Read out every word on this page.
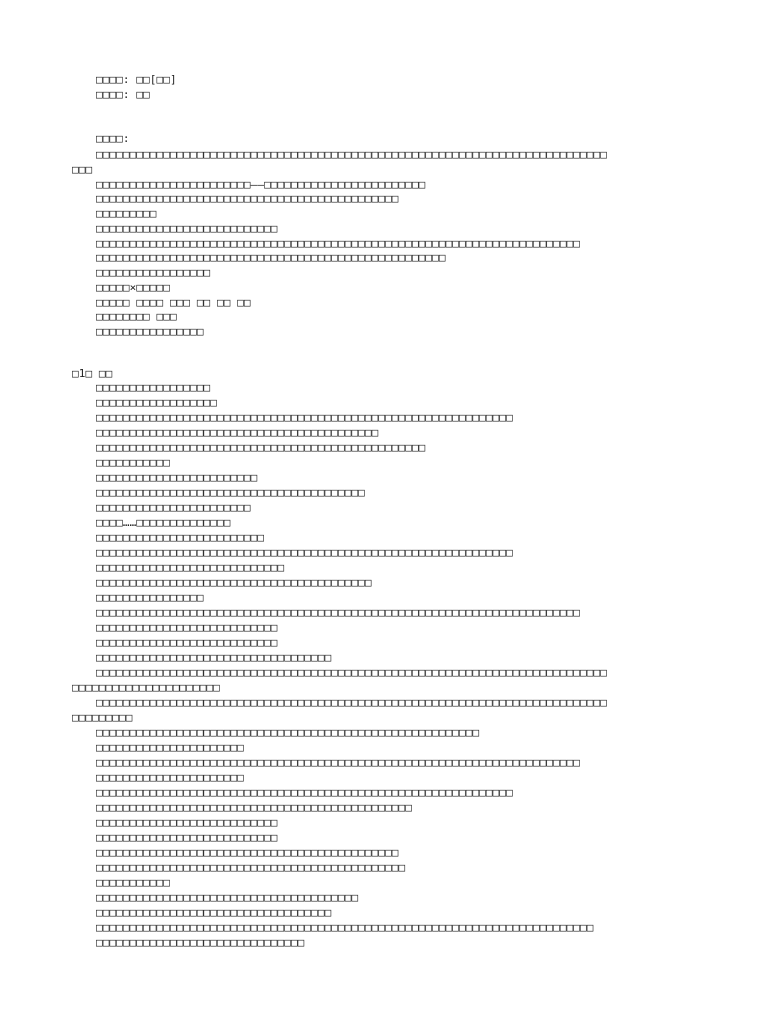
□□□□: □□[□□]
□□□□: □□
□□□□:
□□□□□□□□□□□□□□□□□□□□□□□□□□□□□□□□□□□□□□□□□□□□□□□□□□□□□□□□□□□□□□□□□□□□□□□□□□□□
□□□
□□□□□□□□□□□□□□□□□□□□□□□——□□□□□□□□□□□□□□□□□□□□□□□□
□□□□□□□□□□□□□□□□□□□□□□□□□□□□□□□□□□□□□□□□□□□□□
□□□□□□□□□
□□□□□□□□□□□□□□□□□□□□□□□□□□□
□□□□□□□□□□□□□□□□□□□□□□□□□□□□□□□□□□□□□□□□□□□□□□□□□□□□□□□□□□□□□□□□□□□□□□□□
□□□□□□□□□□□□□□□□□□□□□□□□□□□□□□□□□□□□□□□□□□□□□□□□□□□□
□□□□□□□□□□□□□□□□□
□□□□□×□□□□□
□□□□□ □□□□ □□□ □□ □□ □□
□□□□□□□□ □□□
□□□□□□□□□□□□□□□□
□1□ □□
□□□□□□□□□□□□□□□□□
□□□□□□□□□□□□□□□□□□
□□□□□□□□□□□□□□□□□□□□□□□□□□□□□□□□□□□□□□□□□□□□□□□□□□□□□□□□□□□□□□
□□□□□□□□□□□□□□□□□□□□□□□□□□□□□□□□□□□□□□□□□□
□□□□□□□□□□□□□□□□□□□□□□□□□□□□□□□□□□□□□□□□□□□□□□□□□
□□□□□□□□□□□
□□□□□□□□□□□□□□□□□□□□□□□□
□□□□□□□□□□□□□□□□□□□□□□□□□□□□□□□□□□□□□□□□
□□□□□□□□□□□□□□□□□□□□□□□
□□□□……□□□□□□□□□□□□□□
□□□□□□□□□□□□□□□□□□□□□□□□□
□□□□□□□□□□□□□□□□□□□□□□□□□□□□□□□□□□□□□□□□□□□□□□□□□□□□□□□□□□□□□□
□□□□□□□□□□□□□□□□□□□□□□□□□□□□
□□□□□□□□□□□□□□□□□□□□□□□□□□□□□□□□□□□□□□□□□
□□□□□□□□□□□□□□□□
□□□□□□□□□□□□□□□□□□□□□□□□□□□□□□□□□□□□□□□□□□□□□□□□□□□□□□□□□□□□□□□□□□□□□□□□
□□□□□□□□□□□□□□□□□□□□□□□□□□□
□□□□□□□□□□□□□□□□□□□□□□□□□□□
□□□□□□□□□□□□□□□□□□□□□□□□□□□□□□□□□□□
□□□□□□□□□□□□□□□□□□□□□□□□□□□□□□□□□□□□□□□□□□□□□□□□□□□□□□□□□□□□□□□□□□□□□□□□□□□□
□□□□□□□□□□□□□□□□□□□□□□
□□□□□□□□□□□□□□□□□□□□□□□□□□□□□□□□□□□□□□□□□□□□□□□□□□□□□□□□□□□□□□□□□□□□□□□□□□□□
□□□□□□□□□
□□□□□□□□□□□□□□□□□□□□□□□□□□□□□□□□□□□□□□□□□□□□□□□□□□□□□□□□□
□□□□□□□□□□□□□□□□□□□□□□
□□□□□□□□□□□□□□□□□□□□□□□□□□□□□□□□□□□□□□□□□□□□□□□□□□□□□□□□□□□□□□□□□□□□□□□□
□□□□□□□□□□□□□□□□□□□□□□
□□□□□□□□□□□□□□□□□□□□□□□□□□□□□□□□□□□□□□□□□□□□□□□□□□□□□□□□□□□□□□
□□□□□□□□□□□□□□□□□□□□□□□□□□□□□□□□□□□□□□□□□□□□□□□
□□□□□□□□□□□□□□□□□□□□□□□□□□□
□□□□□□□□□□□□□□□□□□□□□□□□□□□
□□□□□□□□□□□□□□□□□□□□□□□□□□□□□□□□□□□□□□□□□□□□□
□□□□□□□□□□□□□□□□□□□□□□□□□□□□□□□□□□□□□□□□□□□□□□
□□□□□□□□□□□
□□□□□□□□□□□□□□□□□□□□□□□□□□□□□□□□□□□□□□□
□□□□□□□□□□□□□□□□□□□□□□□□□□□□□□□□□□□
□□□□□□□□□□□□□□□□□□□□□□□□□□□□□□□□□□□□□□□□□□□□□□□□□□□□□□□□□□□□□□□□□□□□□□□□□□
□□□□□□□□□□□□□□□□□□□□□□□□□□□□□□□
